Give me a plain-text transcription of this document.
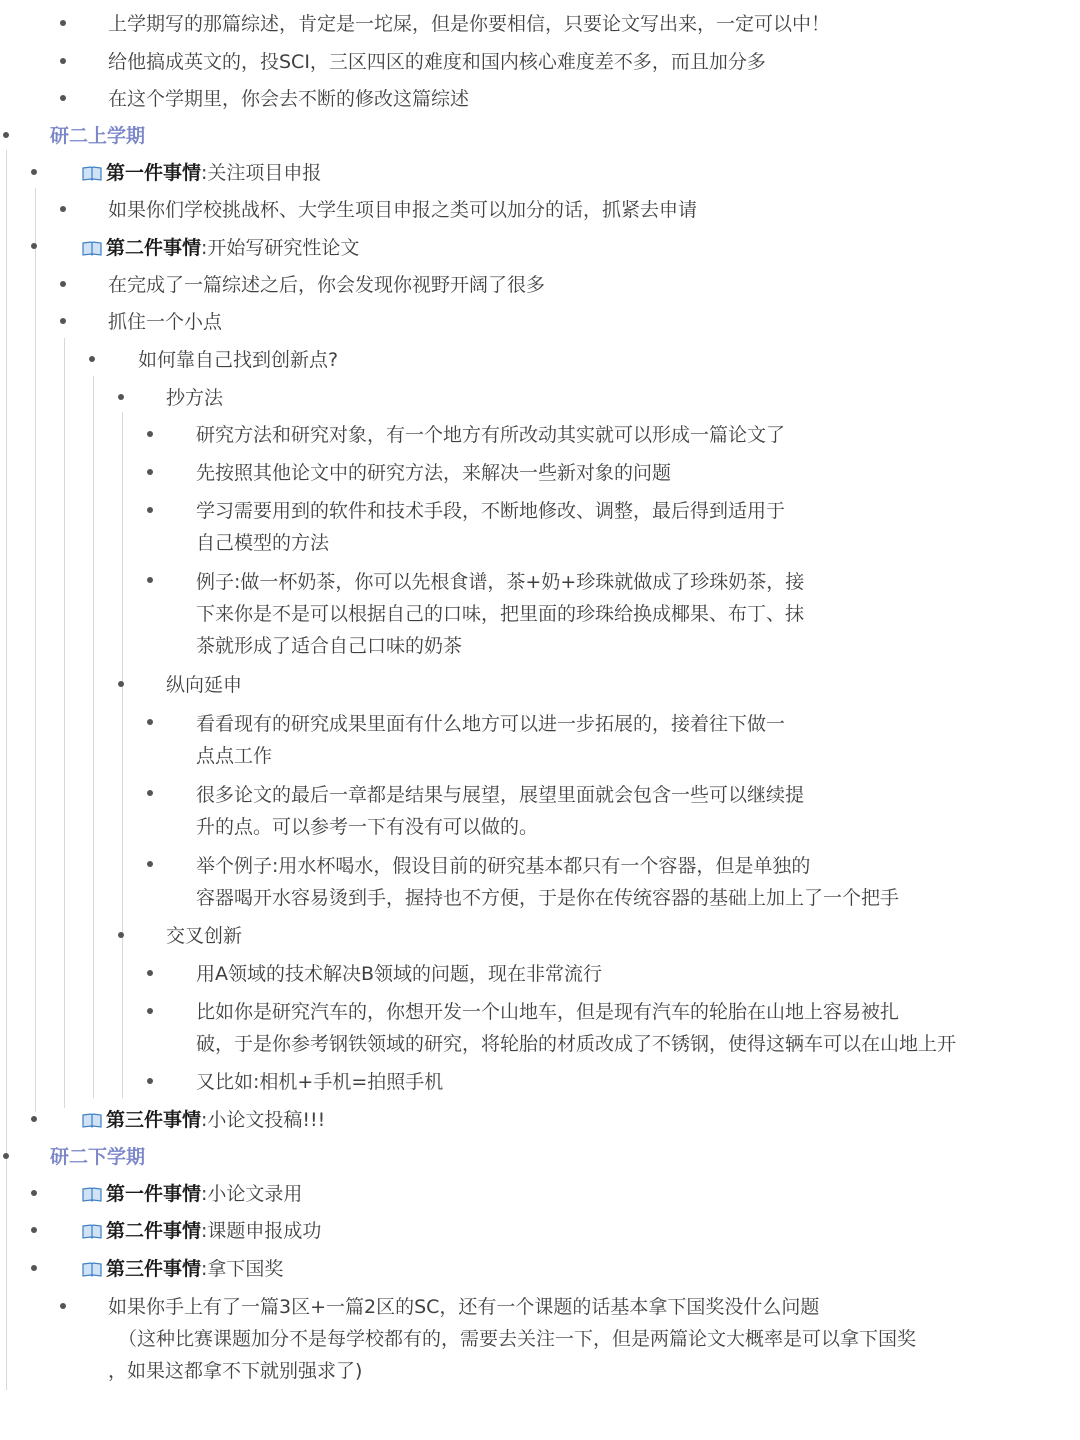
上学期写的那篇综述，肯定是一坨屎，但是你要相信，只要论文写出来，一定可以中！
给他搞成英文的，投SCI，三区四区的难度和国内核心难度差不多，而且加分多
在这个学期里，你会去不断的修改这篇综述
研二上学期
第一件事情:关注项目申报
如果你们学校挑战杯、大学生项目申报之类可以加分的话，抓紧去申请
第二件事情:开始写研究性论文
在完成了一篇综述之后，你会发现你视野开阔了很多
抓住一个小点
如何靠自己找到创新点?
抄方法
研究方法和研究对象，有一个地方有所改动其实就可以形成一篇论文了
先按照其他论文中的研究方法，来解决一些新对象的问题
学习需要用到的软件和技术手段，不断地修改、调整，最后得到适用于
自己模型的方法
例子:做一杯奶茶，你可以先根食谱，茶+奶+珍珠就做成了珍珠奶茶，接
下来你是不是可以根据自己的口味，把里面的珍珠给换成椰果、布丁、抹
茶就形成了适合自己口味的奶茶
纵向延申
看看现有的研究成果里面有什么地方可以进一步拓展的，接着往下做一
点点工作
很多论文的最后一章都是结果与展望，展望里面就会包含一些可以继续提
升的点。可以参考一下有没有可以做的。
举个例子:用水杯喝水，假设目前的研究基本都只有一个容器，但是单独的
容器喝开水容易烫到手，握持也不方便，于是你在传统容器的基础上加上了一个把手
交叉创新
用A领域的技术解决B领域的问题，现在非常流行
比如你是研究汽车的，你想开发一个山地车，但是现有汽车的轮胎在山地上容易被扎
破，于是你参考钢铁领域的研究，将轮胎的材质改成了不锈钢，使得这辆车可以在山地上开
又比如:相机+手机=拍照手机
第三件事情:小论文投稿!!!
研二下学期
第一件事情:小论文录用
第二件事情:课题申报成功
第三件事情:拿下国奖
如果你手上有了一篇3区+一篇2区的SC，还有一个课题的话基本拿下国奖没什么问题
（这种比赛课题加分不是每学校都有的，需要去关注一下，但是两篇论文大概率是可以拿下国奖
，如果这都拿不下就别强求了)
